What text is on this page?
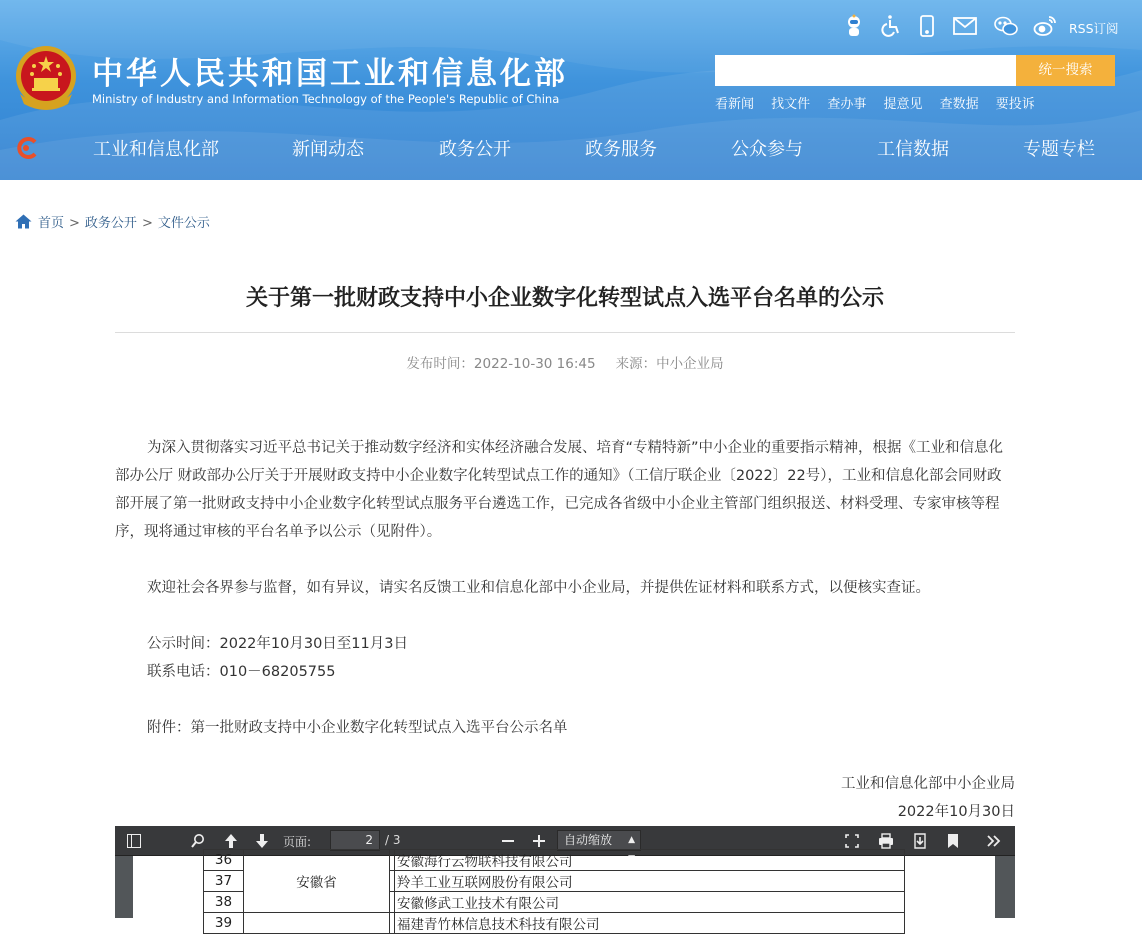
中华人民共和国工业和信息化部
Ministry of Industry and Information Technology of the People's Republic of China
RSS订阅
统一搜索
看新闻 找文件 查办事 提意见 查数据 要投诉
工业和信息化部	新闻动态	政务公开	政务服务	公众参与	工信数据	专题专栏
首页 > 政务公开 > 文件公示
关于第一批财政支持中小企业数字化转型试点入选平台名单的公示
发布时间：2022-10-30 16:45 来源：中小企业局

为深入贯彻落实习近平总书记关于推动数字经济和实体经济融合发展、培育“专精特新”中小企业的重要指示精神，根据《工业和信息化部办公厅 财政部办公厅关于开展财政支持中小企业数字化转型试点工作的通知》（工信厅联企业〔2022〕22号），工业和信息化部会同财政部开展了第一批财政支持中小企业数字化转型试点服务平台遴选工作，已完成各省级中小企业主管部门组织报送、材料受理、专家审核等程序，现将通过审核的平台名单予以公示（见附件）。

欢迎社会各界参与监督，如有异议，请实名反馈工业和信息化部中小企业局，并提供佐证材料和联系方式，以便核实查证。

公示时间：2022年10月30日至11月3日

联系电话：010－68205755

附件：第一批财政支持中小企业数字化转型试点入选平台公示名单

工业和信息化部中小企业局

2022年10月30日

页面:	2	/ 3	自动缩放 ▲

36	安徽省		安徽海行云物联科技有限公司
37			羚羊工业互联网股份有限公司
38			安徽修武工业技术有限公司
39			福建青竹林信息技术科技有限公司
